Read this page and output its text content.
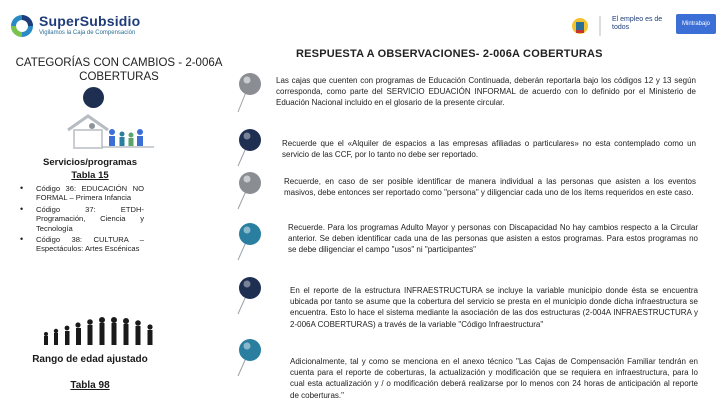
SuperSubsidio
Vigilamos la Caja de Compensación
El empleo es de todos	Mintrabajo
CATEGORÍAS CON CAMBIOS - 2-006A COBERTURAS
Servicios/programas
Tabla 15
• Código 36: EDUCACIÓN NO FORMAL – Primera Infancia
• Código 37: ETDH- Programación, Ciencia y Tecnología
• Código 38: CULTURA – Espectáculos: Artes Escénicas
Rango de edad ajustado
Tabla 98
RESPUESTA A OBSERVACIONES- 2-006A COBERTURAS
Las cajas que cuenten con programas de Educación Continuada, deberán reportarla bajo los códigos 12 y 13 según corresponda, como parte del SERVICIO EDUACIÓN INFORMAL de acuerdo con lo definido por el Ministerio de Eduación Nacional incluido en el glosario de la presente circular.
Recuerde que el «Alquiler de espacios a las empresas afiliadas o particulares» no esta contemplado como un servicio de las CCF, por lo tanto no debe ser reportado.
Recuerde, en caso de ser posible identificar de manera individual a las personas que asisten a los eventos masivos, debe entonces ser reportado como "persona" y diligenciar cada uno de los ítems requeridos en este caso.
Recuerde. Para los programas Adulto Mayor y personas con Discapacidad No hay cambios respecto a la Circular anterior. Se deben identificar cada una de las personas que asisten a estos programas. Para estos programas no se debe diligenciar el campo "usos" ni "participantes"
En el reporte de la estructura INFRAESTRUCTURA se incluye la variable municipio donde ésta se encuentra ubicada por tanto se asume que la cobertura del servicio se presta en el municipio donde dicha infraestructura se encuentra. Esto lo hace el sistema mediante la asociación de las dos estructuras (2-004A INFRAESTRUCTURA y 2-006A COBERTURAS) a través de la variable "Código Infraestructura"
Adicionalmente, tal y como se menciona en el anexo técnico "Las Cajas de Compensación Familiar tendrán en cuenta para el reporte de coberturas, la actualización y modificación que se requiera en infraestructura, para lo cual esta actualización y / o modificación deberá realizarse por lo menos con 24 horas de anticipación al reporte de coberturas."
